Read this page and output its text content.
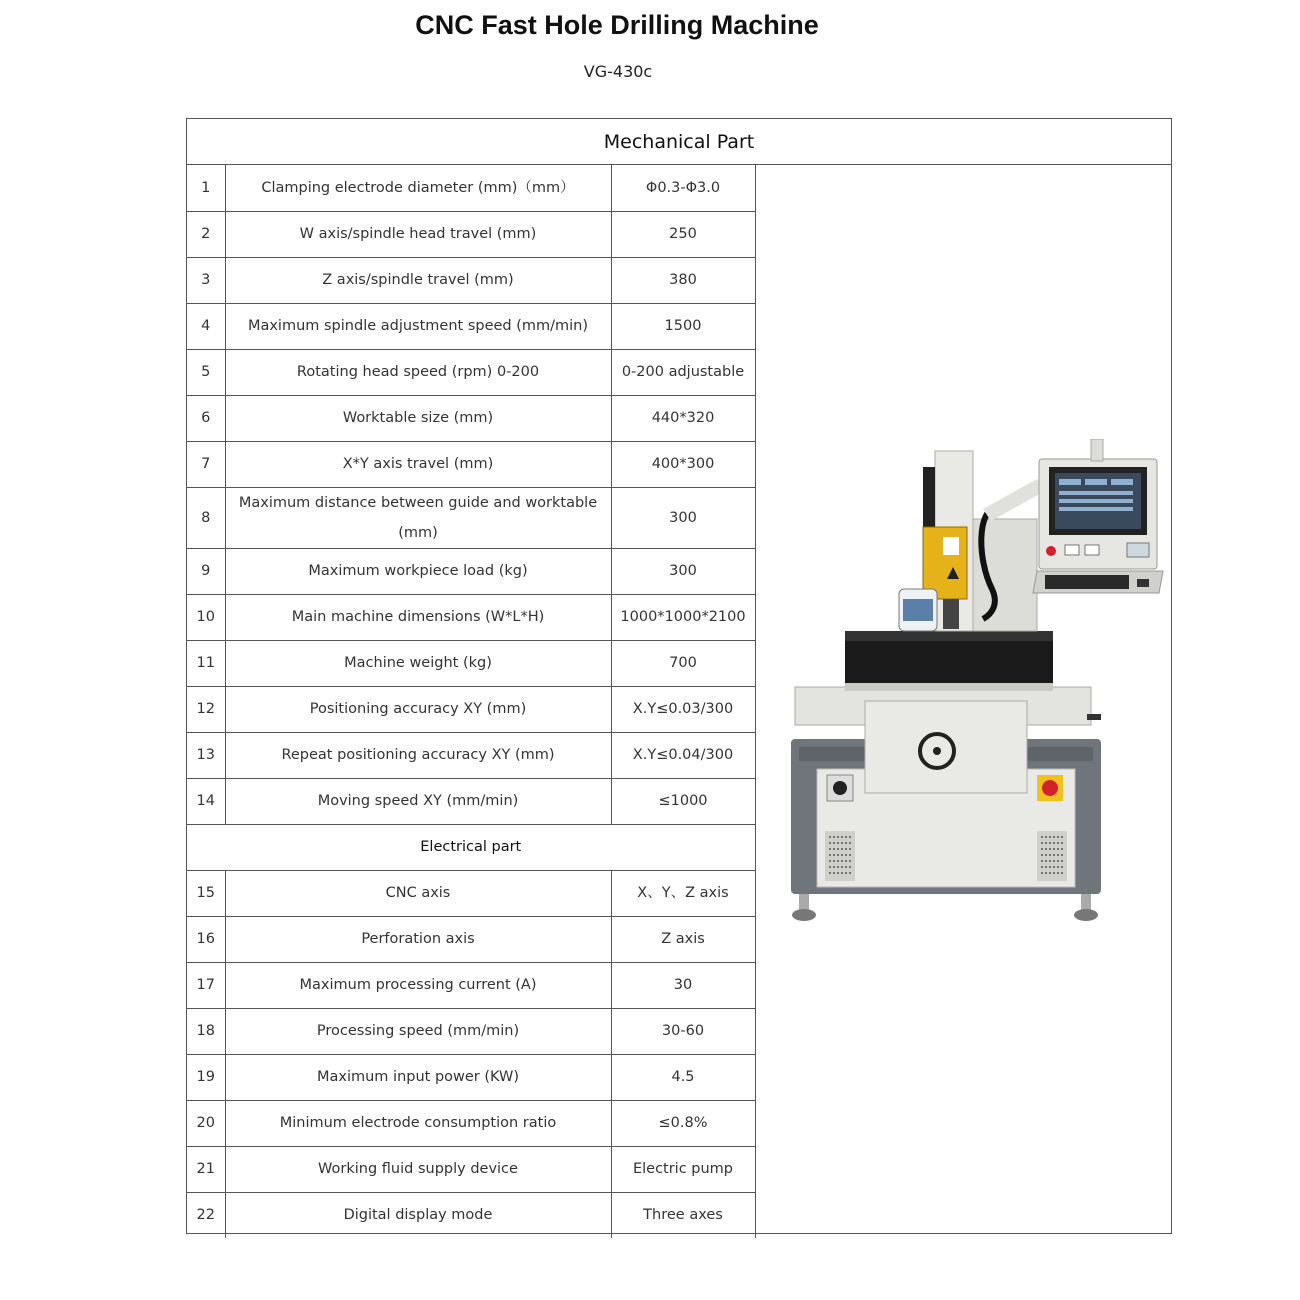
CNC Fast Hole Drilling Machine
VG-430c
Mechanical Part
1	Clamping electrode diameter (mm)（mm）	Φ0.3-Φ3.0
2	W axis/spindle head travel (mm)	250
3	Z axis/spindle travel (mm)	380
4	Maximum spindle adjustment speed (mm/min)	1500
5	Rotating head speed (rpm) 0-200	0-200 adjustable
6	Worktable size (mm)	440*320
7	X*Y axis travel (mm)	400*300
8	Maximum distance between guide and worktable (mm)	300
9	Maximum workpiece load (kg)	300
10	Main machine dimensions (W*L*H)	1000*1000*2100
11	Machine weight (kg)	700
12	Positioning accuracy XY (mm)	X.Y≤0.03/300
13	Repeat positioning accuracy XY (mm)	X.Y≤0.04/300
14	Moving speed XY (mm/min)	≤1000
Electrical part		
15	CNC axis	X、Y、Z axis
16	Perforation axis	Z axis
17	Maximum processing current (A)	30
18	Processing speed (mm/min)	30-60
19	Maximum input power (KW)	4.5
20	Minimum electrode consumption ratio	≤0.8%
21	Working fluid supply device	Electric pump
22	Digital display mode	Three axes
